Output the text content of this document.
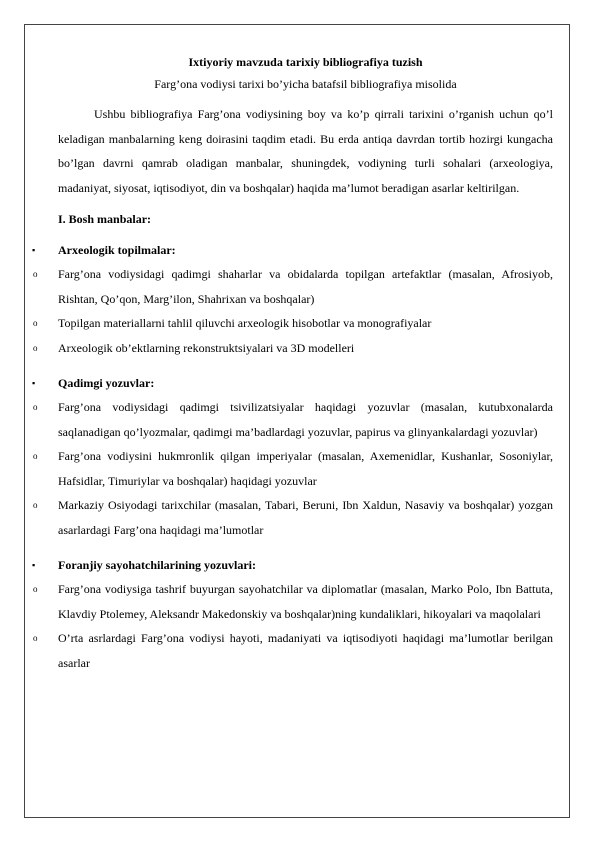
Ixtiyoriy mavzuda tarixiy bibliografiya tuzish

Farg’ona vodiysi tarixi bo’yicha batafsil bibliografiya misolida

Ushbu bibliografiya Farg’ona vodiysining boy va ko’p qirrali tarixini o’rganish uchun qo’l keladigan manbalarning keng doirasini taqdim etadi. Bu erda antiqa davrdan tortib hozirgi kungacha bo’lgan davrni qamrab oladigan manbalar, shuningdek, vodiyning turli sohalari (arxeologiya, madaniyat, siyosat, iqtisodiyot, din va boshqalar) haqida ma’lumot beradigan asarlar keltirilgan.

I. Bosh manbalar:

▪ Arxeologik topilmalar:

o Farg’ona vodiysidagi qadimgi shaharlar va obidalarda topilgan artefaktlar (masalan, Afrosiyob, Rishtan, Qo’qon, Marg’ilon, Shahrixan va boshqalar)

o Topilgan materiallarni tahlil qiluvchi arxeologik hisobotlar va monografiyalar

o Arxeologik ob’ektlarning rekonstruktsiyalari va 3D modelleri

▪ Qadimgi yozuvlar:

o Farg’ona vodiysidagi qadimgi tsivilizatsiyalar haqidagi yozuvlar (masalan, kutubxonalarda saqlanadigan qo’lyozmalar, qadimgi ma’badlardagi yozuvlar, papirus va glinyankalardagi yozuvlar)

o Farg’ona vodiysini hukmronlik qilgan imperiyalar (masalan, Axemenidlar, Kushanlar, Sosoniylar, Hafsidlar, Timuriylar va boshqalar) haqidagi yozuvlar

o Markaziy Osiyodagi tarixchilar (masalan, Tabari, Beruni, Ibn Xaldun, Nasaviy va boshqalar) yozgan asarlardagi Farg’ona haqidagi ma’lumotlar

▪ Foranjiy sayohatchilarining yozuvlari:

o Farg’ona vodiysiga tashrif buyurgan sayohatchilar va diplomatlar (masalan, Marko Polo, Ibn Battuta, Klavdiy Ptolemey, Aleksandr Makedonskiy va boshqalar)ning kundaliklari, hikoyalari va maqolalari

o O’rta asrlardagi Farg’ona vodiysi hayoti, madaniyati va iqtisodiyoti haqidagi ma’lumotlar berilgan asarlar
